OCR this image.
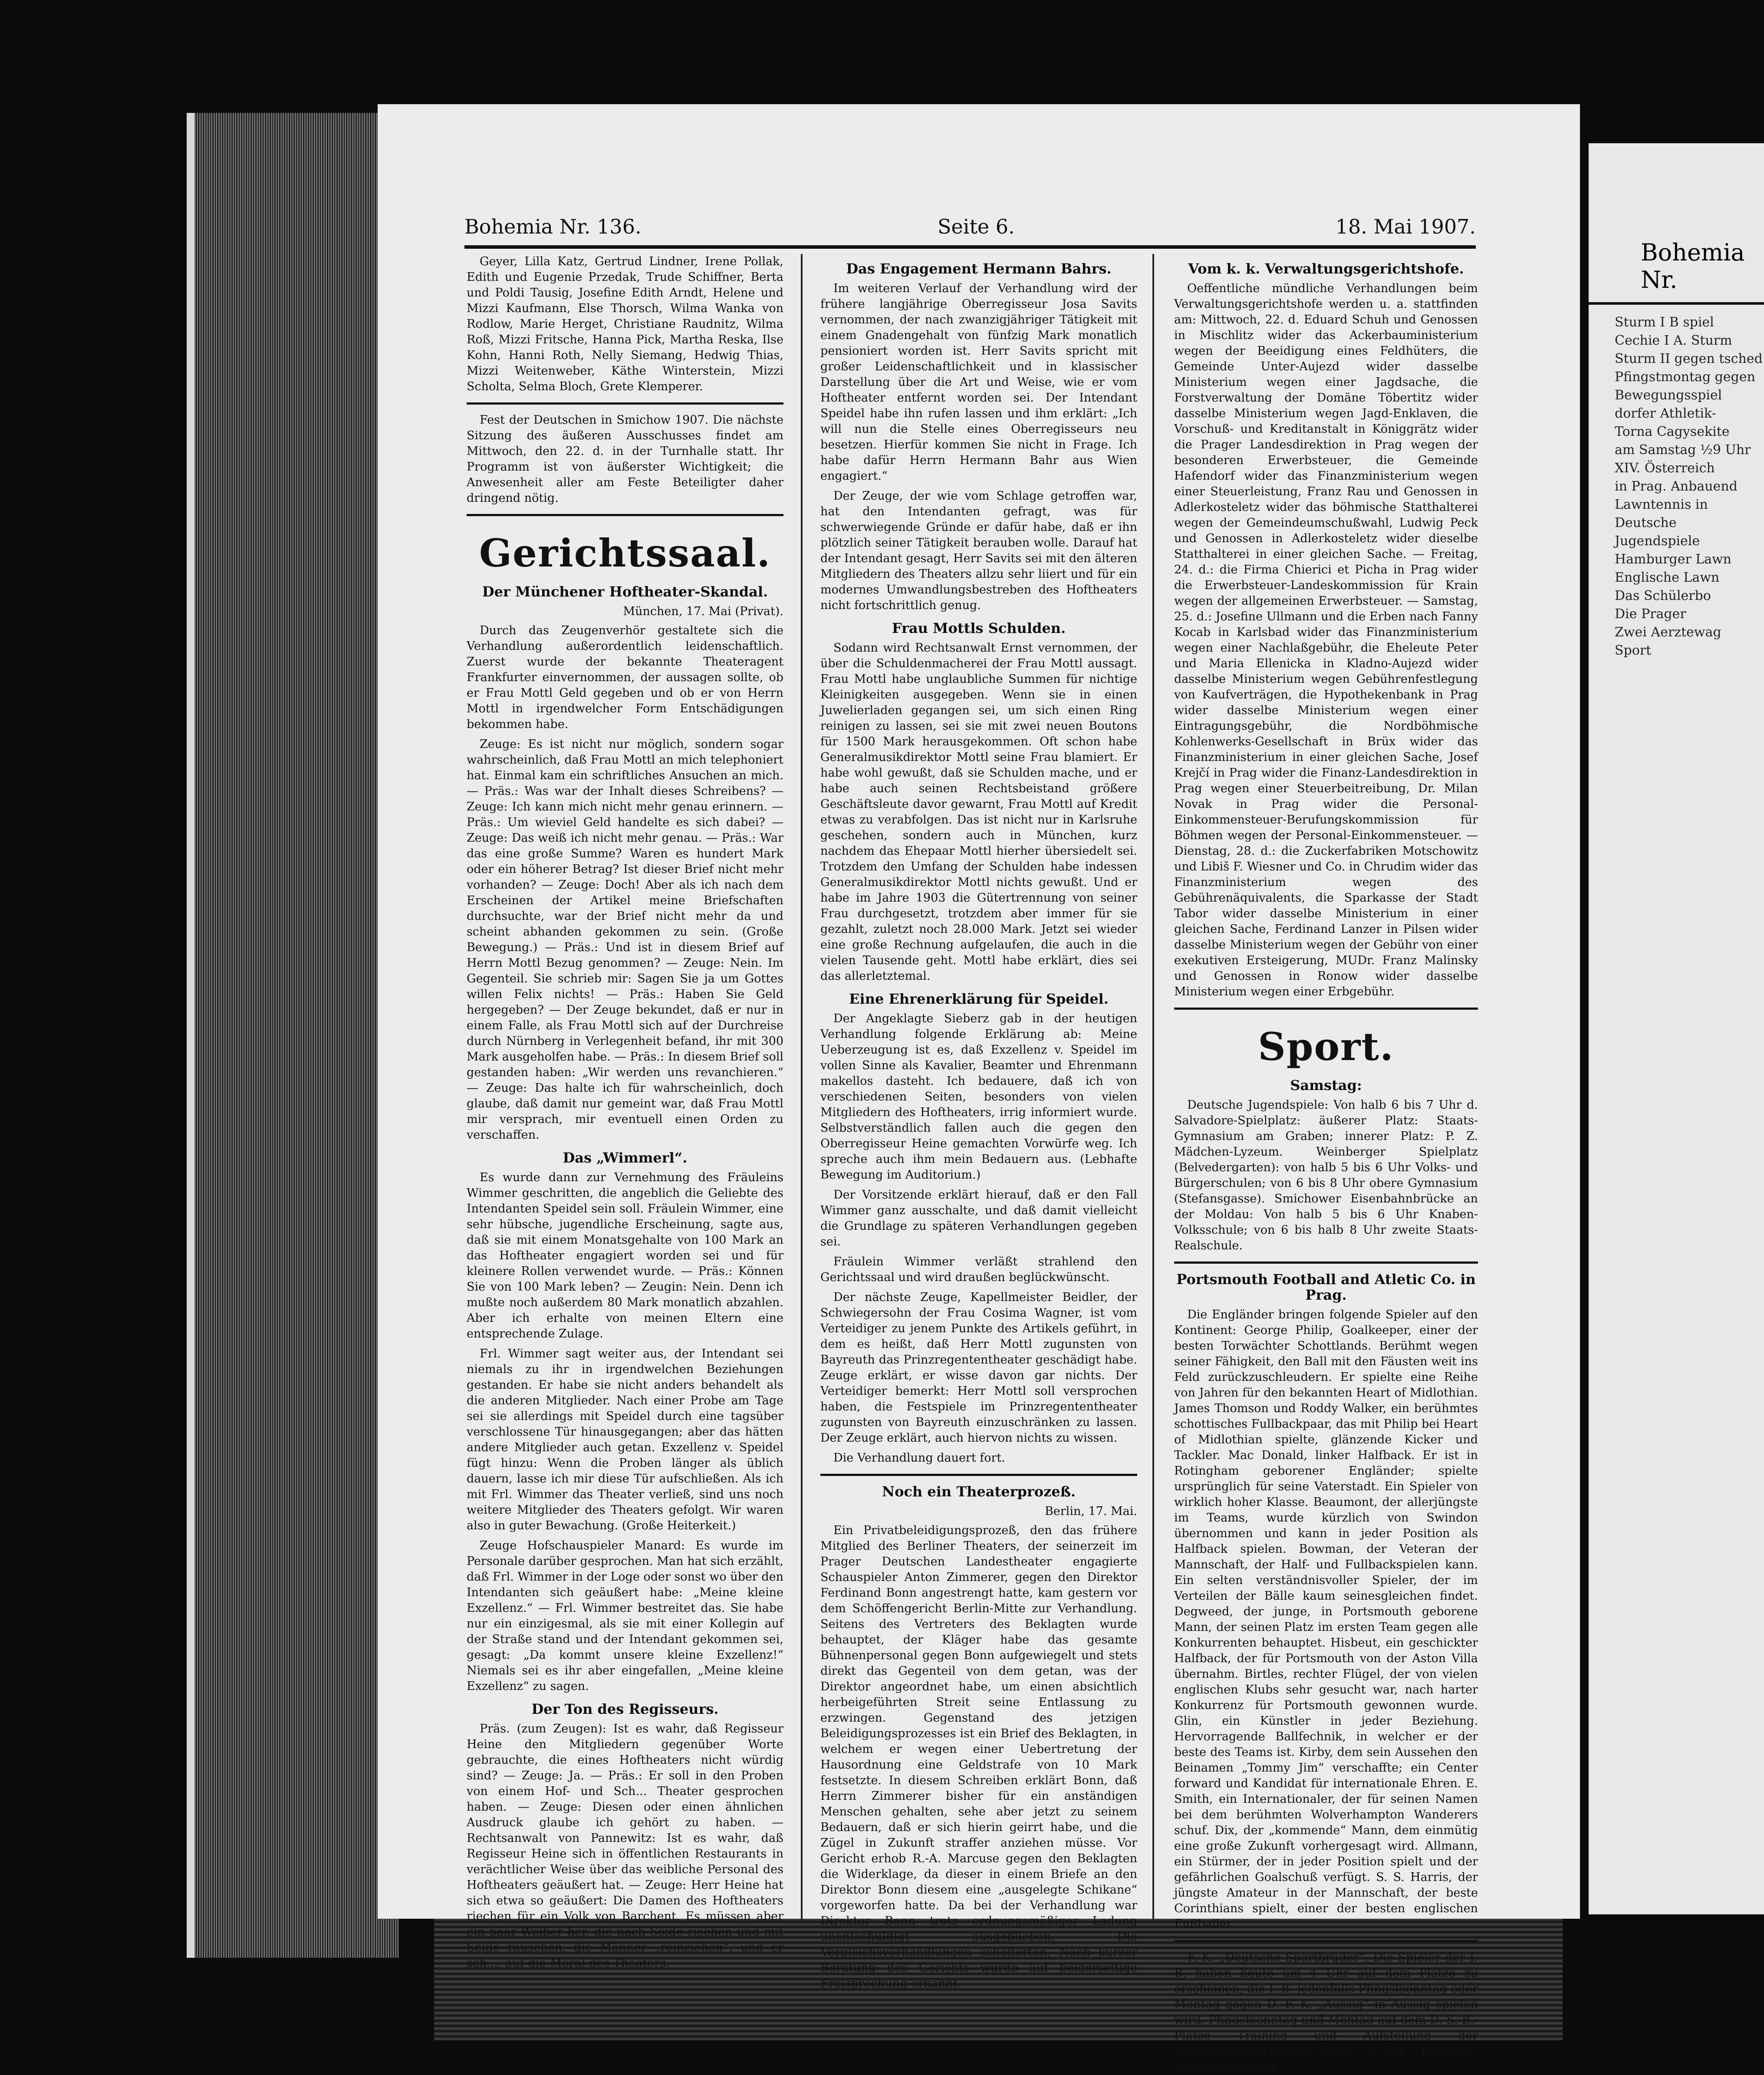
Bohemia Nr.
Sturm I B spiel
Cechie I A. Sturm
Sturm II gegen tsched
Pfingstmontag gegen
Bewegungsspiel
dorfer Athletik-
Torna Cagysekite
am Samstag ½9 Uhr
XIV. Österreich
in Prag. Anbauend
Lawntennis in
Deutsche Jugendspiele
Hamburger Lawn
Englische Lawn
Das Schülerbo
Die Prager
Zwei Aerztewag
Sport
Bohemia Nr. 136.	Seite 6.	18. Mai 1907.

Geyer, Lilla Katz, Gertrud Lindner, Irene Pollak, Edith und Eugenie Przedak, Trude Schiffner, Berta und Poldi Tausig, Josefine Edith Arndt, Helene und Mizzi Kaufmann, Else Thorsch, Wilma Wanka von Rodlow, Marie Herget, Christiane Raudnitz, Wilma Roß, Mizzi Fritsche, Hanna Pick, Martha Reska, Ilse Kohn, Hanni Roth, Nelly Siemang, Hedwig Thias, Mizzi Weitenweber, Käthe Winterstein, Mizzi Scholta, Selma Bloch, Grete Klemperer.

Fest der Deutschen in Smichow 1907. Die nächste Sitzung des äußeren Ausschusses findet am Mittwoch, den 22. d. in der Turnhalle statt. Ihr Programm ist von äußerster Wichtigkeit; die Anwesenheit aller am Feste Beteiligter daher dringend nötig.

Gerichtssaal.
Der Münchener Hoftheater-Skandal.
München, 17. Mai (Privat).

Durch das Zeugenverhör gestaltete sich die Verhandlung außerordentlich leidenschaftlich. Zuerst wurde der bekannte Theateragent Frankfurter einvernommen, der aussagen sollte, ob er Frau Mottl Geld gegeben und ob er von Herrn Mottl in irgendwelcher Form Entschädigungen bekommen habe.

Zeuge: Es ist nicht nur möglich, sondern sogar wahrscheinlich, daß Frau Mottl an mich telephoniert hat. Einmal kam ein schriftliches Ansuchen an mich. — Präs.: Was war der Inhalt dieses Schreibens? — Zeuge: Ich kann mich nicht mehr genau erinnern. — Präs.: Um wieviel Geld handelte es sich dabei? — Zeuge: Das weiß ich nicht mehr genau. — Präs.: War das eine große Summe? Waren es hundert Mark oder ein höherer Betrag? Ist dieser Brief nicht mehr vorhanden? — Zeuge: Doch! Aber als ich nach dem Erscheinen der Artikel meine Briefschaften durchsuchte, war der Brief nicht mehr da und scheint abhanden gekommen zu sein. (Große Bewegung.) — Präs.: Und ist in diesem Brief auf Herrn Mottl Bezug genommen? — Zeuge: Nein. Im Gegenteil. Sie schrieb mir: Sagen Sie ja um Gottes willen Felix nichts! — Präs.: Haben Sie Geld hergegeben? — Der Zeuge bekundet, daß er nur in einem Falle, als Frau Mottl sich auf der Durchreise durch Nürnberg in Verlegenheit befand, ihr mit 300 Mark ausgeholfen habe. — Präs.: In diesem Brief soll gestanden haben: „Wir werden uns revanchieren.“ — Zeuge: Das halte ich für wahrscheinlich, doch glaube, daß damit nur gemeint war, daß Frau Mottl mir versprach, mir eventuell einen Orden zu verschaffen.

Das „Wimmerl“.

Es wurde dann zur Vernehmung des Fräuleins Wimmer geschritten, die angeblich die Geliebte des Intendanten Speidel sein soll. Fräulein Wimmer, eine sehr hübsche, jugendliche Erscheinung, sagte aus, daß sie mit einem Monatsgehalte von 100 Mark an das Hoftheater engagiert worden sei und für kleinere Rollen verwendet wurde. — Präs.: Können Sie von 100 Mark leben? — Zeugin: Nein. Denn ich mußte noch außerdem 80 Mark monatlich abzahlen. Aber ich erhalte von meinen Eltern eine entsprechende Zulage.

Frl. Wimmer sagt weiter aus, der Intendant sei niemals zu ihr in irgendwelchen Beziehungen gestanden. Er habe sie nicht anders behandelt als die anderen Mitglieder. Nach einer Probe am Tage sei sie allerdings mit Speidel durch eine tagsüber verschlossene Tür hinausgegangen; aber das hätten andere Mitglieder auch getan. Exzellenz v. Speidel fügt hinzu: Wenn die Proben länger als üblich dauern, lasse ich mir diese Tür aufschließen. Als ich mit Frl. Wimmer das Theater verließ, sind uns noch weitere Mitglieder des Theaters gefolgt. Wir waren also in guter Bewachung. (Große Heiterkeit.)

Zeuge Hofschauspieler Manard: Es wurde im Personale darüber gesprochen. Man hat sich erzählt, daß Frl. Wimmer in der Loge oder sonst wo über den Intendanten sich geäußert habe: „Meine kleine Exzellenz.“ — Frl. Wimmer bestreitet das. Sie habe nur ein einzigesmal, als sie mit einer Kollegin auf der Straße stand und der Intendant gekommen sei, gesagt: „Da kommt unsere kleine Exzellenz!“ Niemals sei es ihr aber eingefallen, „Meine kleine Exzellenz“ zu sagen.

Der Ton des Regisseurs.

Präs. (zum Zeugen): Ist es wahr, daß Regisseur Heine den Mitgliedern gegenüber Worte gebrauchte, die eines Hoftheaters nicht würdig sind? — Zeuge: Ja. — Präs.: Er soll in den Proben von einem Hof- und Sch... Theater gesprochen haben. — Zeuge: Diesen oder einen ähnlichen Ausdruck glaube ich gehört zu haben. — Rechtsanwalt von Pannewitz: Ist es wahr, daß Regisseur Heine sich in öffentlichen Restaurants in verächtlicher Weise über das weibliche Personal des Hoftheaters geäußert hat. — Zeuge: Herr Heine hat sich etwa so geäußert: Die Damen des Hoftheaters riechen für ein Volk von Barchent. Es müssen aber ein paar Weiber her, die nach Seide riechen und mit Seide rauschen, die Männer „reinziehen“, und er sch.... auf die Moral des Theaters.

Das Engagement Hermann Bahrs.

Im weiteren Verlauf der Verhandlung wird der frühere langjährige Oberregisseur Josa Savits vernommen, der nach zwanzigjähriger Tätigkeit mit einem Gnadengehalt von fünfzig Mark monatlich pensioniert worden ist. Herr Savits spricht mit großer Leidenschaftlichkeit und in klassischer Darstellung über die Art und Weise, wie er vom Hoftheater entfernt worden sei. Der Intendant Speidel habe ihn rufen lassen und ihm erklärt: „Ich will nun die Stelle eines Oberregisseurs neu besetzen. Hierfür kommen Sie nicht in Frage. Ich habe dafür Herrn Hermann Bahr aus Wien engagiert.“

Der Zeuge, der wie vom Schlage getroffen war, hat den Intendanten gefragt, was für schwerwiegende Gründe er dafür habe, daß er ihn plötzlich seiner Tätigkeit berauben wolle. Darauf hat der Intendant gesagt, Herr Savits sei mit den älteren Mitgliedern des Theaters allzu sehr liiert und für ein modernes Umwandlungsbestreben des Hoftheaters nicht fortschrittlich genug.

Frau Mottls Schulden.

Sodann wird Rechtsanwalt Ernst vernommen, der über die Schuldenmacherei der Frau Mottl aussagt. Frau Mottl habe unglaubliche Summen für nichtige Kleinigkeiten ausgegeben. Wenn sie in einen Juwelierladen gegangen sei, um sich einen Ring reinigen zu lassen, sei sie mit zwei neuen Boutons für 1500 Mark herausgekommen. Oft schon habe Generalmusikdirektor Mottl seine Frau blamiert. Er habe wohl gewußt, daß sie Schulden mache, und er habe auch seinen Rechtsbeistand größere Geschäftsleute davor gewarnt, Frau Mottl auf Kredit etwas zu verabfolgen. Das ist nicht nur in Karlsruhe geschehen, sondern auch in München, kurz nachdem das Ehepaar Mottl hierher übersiedelt sei. Trotzdem den Umfang der Schulden habe indessen Generalmusikdirektor Mottl nichts gewußt. Und er habe im Jahre 1903 die Gütertrennung von seiner Frau durchgesetzt, trotzdem aber immer für sie gezahlt, zuletzt noch 28.000 Mark. Jetzt sei wieder eine große Rechnung aufgelaufen, die auch in die vielen Tausende geht. Mottl habe erklärt, dies sei das allerletztemal.

Eine Ehrenerklärung für Speidel.

Der Angeklagte Sieberz gab in der heutigen Verhandlung folgende Erklärung ab: Meine Ueberzeugung ist es, daß Exzellenz v. Speidel im vollen Sinne als Kavalier, Beamter und Ehrenmann makellos dasteht. Ich bedauere, daß ich von verschiedenen Seiten, besonders von vielen Mitgliedern des Hoftheaters, irrig informiert wurde. Selbstverständlich fallen auch die gegen den Oberregisseur Heine gemachten Vorwürfe weg. Ich spreche auch ihm mein Bedauern aus. (Lebhafte Bewegung im Auditorium.)

Der Vorsitzende erklärt hierauf, daß er den Fall Wimmer ganz ausschalte, und daß damit vielleicht die Grundlage zu späteren Verhandlungen gegeben sei.

Fräulein Wimmer verläßt strahlend den Gerichtssaal und wird draußen beglückwünscht.

Der nächste Zeuge, Kapellmeister Beidler, der Schwiegersohn der Frau Cosima Wagner, ist vom Verteidiger zu jenem Punkte des Artikels geführt, in dem es heißt, daß Herr Mottl zugunsten von Bayreuth das Prinzregententheater geschädigt habe. Zeuge erklärt, er wisse davon gar nichts. Der Verteidiger bemerkt: Herr Mottl soll versprochen haben, die Festspiele im Prinzregententheater zugunsten von Bayreuth einzuschränken zu lassen. Der Zeuge erklärt, auch hiervon nichts zu wissen.

Die Verhandlung dauert fort.

Noch ein Theaterprozeß.
Berlin, 17. Mai.

Ein Privatbeleidigungsprozeß, den das frühere Mitglied des Berliner Theaters, der seinerzeit im Prager Deutschen Landestheater engagierte Schauspieler Anton Zimmerer, gegen den Direktor Ferdinand Bonn angestrengt hatte, kam gestern vor dem Schöffengericht Berlin-Mitte zur Verhandlung. Seitens des Vertreters des Beklagten wurde behauptet, der Kläger habe das gesamte Bühnenpersonal gegen Bonn aufgewiegelt und stets direkt das Gegenteil von dem getan, was der Direktor angeordnet habe, um einen absichtlich herbeigeführten Streit seine Entlassung zu erzwingen. Gegenstand des jetzigen Beleidigungsprozesses ist ein Brief des Beklagten, in welchem er wegen einer Uebertretung der Hausordnung eine Geldstrafe von 10 Mark festsetzte. In diesem Schreiben erklärt Bonn, daß Herrn Zimmerer bisher für ein anständigen Menschen gehalten, sehe aber jetzt zu seinem Bedauern, daß er sich hierin geirrt habe, und die Zügel in Zukunft straffer anziehen müsse. Vor Gericht erhob R.-A. Marcuse gegen den Beklagten die Widerklage, da dieser in einem Briefe an den Direktor Bonn diesem eine „ausgelegte Schikane“ vorgeworfen hatte. Da bei der Verhandlung war Direktor Bonn trotz ordnungsmäßiger Ladung unentschuldigt ausgeblieben. Die Vergleichsverhandlungen scheiterten. Nach kurzer Beratung des Gerichts wurde auf beiderseitige Freisprechung erkannt.

Vom k. k. Verwaltungsgerichtshofe.

Oeffentliche mündliche Verhandlungen beim Verwaltungsgerichtshofe werden u. a. stattfinden am: Mittwoch, 22. d. Eduard Schuh und Genossen in Mischlitz wider das Ackerbauministerium wegen der Beeidigung eines Feldhüters, die Gemeinde Unter-Aujezd wider dasselbe Ministerium wegen einer Jagdsache, die Forstverwaltung der Domäne Töbertitz wider dasselbe Ministerium wegen Jagd-Enklaven, die Vorschuß- und Kreditanstalt in Königgrätz wider die Prager Landesdirektion in Prag wegen der besonderen Erwerbsteuer, die Gemeinde Hafendorf wider das Finanzministerium wegen einer Steuerleistung, Franz Rau und Genossen in Adlerkosteletz wider das böhmische Statthalterei wegen der Gemeindeumschußwahl, Ludwig Peck und Genossen in Adlerkosteletz wider dieselbe Statthalterei in einer gleichen Sache. — Freitag, 24. d.: die Firma Chierici et Picha in Prag wider die Erwerbsteuer-Landeskommission für Krain wegen der allgemeinen Erwerbsteuer. — Samstag, 25. d.: Josefine Ullmann und die Erben nach Fanny Kocab in Karlsbad wider das Finanzministerium wegen einer Nachlaßgebühr, die Eheleute Peter und Maria Ellenicka in Kladno-Aujezd wider dasselbe Ministerium wegen Gebührenfestlegung von Kaufverträgen, die Hypothekenbank in Prag wider dasselbe Ministerium wegen einer Eintragungsgebühr, die Nordböhmische Kohlenwerks-Gesellschaft in Brüx wider das Finanzministerium in einer gleichen Sache, Josef Krejčí in Prag wider die Finanz-Landesdirektion in Prag wegen einer Steuerbeitreibung, Dr. Milan Novak in Prag wider die Personal-Einkommensteuer-Berufungskommission für Böhmen wegen der Personal-Einkommensteuer. — Dienstag, 28. d.: die Zuckerfabriken Motschowitz und Libiš F. Wiesner und Co. in Chrudim wider das Finanzministerium wegen des Gebührenäquivalents, die Sparkasse der Stadt Tabor wider dasselbe Ministerium in einer gleichen Sache, Ferdinand Lanzer in Pilsen wider dasselbe Ministerium wegen der Gebühr von einer exekutiven Ersteigerung, MUDr. Franz Malinsky und Genossen in Ronow wider dasselbe Ministerium wegen einer Erbgebühr.

Sport.
Samstag:

Deutsche Jugendspiele: Von halb 6 bis 7 Uhr d. Salvadore-Spielplatz: äußerer Platz: Staats-Gymnasium am Graben; innerer Platz: P. Z. Mädchen-Lyzeum. Weinberger Spielplatz (Belvedergarten): von halb 5 bis 6 Uhr Volks- und Bürgerschulen; von 6 bis 8 Uhr obere Gymnasium (Stefansgasse). Smichower Eisenbahnbrücke an der Moldau: Von halb 5 bis 6 Uhr Knaben-Volksschule; von 6 bis halb 8 Uhr zweite Staats-Realschule.

Portsmouth Football and Atletic Co. in Prag.

Die Engländer bringen folgende Spieler auf den Kontinent: George Philip, Goalkeeper, einer der besten Torwächter Schottlands. Berühmt wegen seiner Fähigkeit, den Ball mit den Fäusten weit ins Feld zurückzuschleudern. Er spielte eine Reihe von Jahren für den bekannten Heart of Midlothian. James Thomson und Roddy Walker, ein berühmtes schottisches Fullbackpaar, das mit Philip bei Heart of Midlothian spielte, glänzende Kicker und Tackler. Mac Donald, linker Halfback. Er ist in Rotingham geborener Engländer; spielte ursprünglich für seine Vaterstadt. Ein Spieler von wirklich hoher Klasse. Beaumont, der allerjüngste im Teams, wurde kürzlich von Swindon übernommen und kann in jeder Position als Halfback spielen. Bowman, der Veteran der Mannschaft, der Half- und Fullbackspielen kann. Ein selten verständnisvoller Spieler, der im Verteilen der Bälle kaum seinesgleichen findet. Degweed, der junge, in Portsmouth geborene Mann, der seinen Platz im ersten Team gegen alle Konkurrenten behauptet. Hisbeut, ein geschickter Halfback, der für Portsmouth von der Aston Villa übernahm. Birtles, rechter Flügel, der von vielen englischen Klubs sehr gesucht war, nach harter Konkurrenz für Portsmouth gewonnen wurde. Glin, ein Künstler in jeder Beziehung. Hervorragende Ballfechnik, in welcher er der beste des Teams ist. Kirby, dem sein Aussehen den Beinamen „Tommy Jim“ verschaffte; ein Center forward und Kandidat für internationale Ehren. E. Smith, ein Internationaler, der für seinen Namen bei dem berühmten Wolverhampton Wanderers schuf. Dix, der „kommende“ Mann, dem einmütig eine große Zukunft vorhergesagt wird. Allmann, ein Stürmer, der in jeder Position spielt und der gefährlichen Goalschuß verfügt. S. S. Harris, der jüngste Amateur in der Mannschaft, der beste Corinthians spielt, einer der besten englischen Fußballer.

F. K. „Deutsche Sportbrüder“. Die Spieler der I. B. haben heute um 4 Uhr auf dem Platze zu erscheinen, die I. B. jedenfalls Pfingstsonntag oder Montag gegen D. F. K. „Aussig“ in Aussig spielen wird. Pfingstsonntag und Montag auf dem D. S. B.-Platze Training und Aufstellung der Sommermannschaften. Heute 8 Uhr „Tellinger“ Ausschußsitzung.
